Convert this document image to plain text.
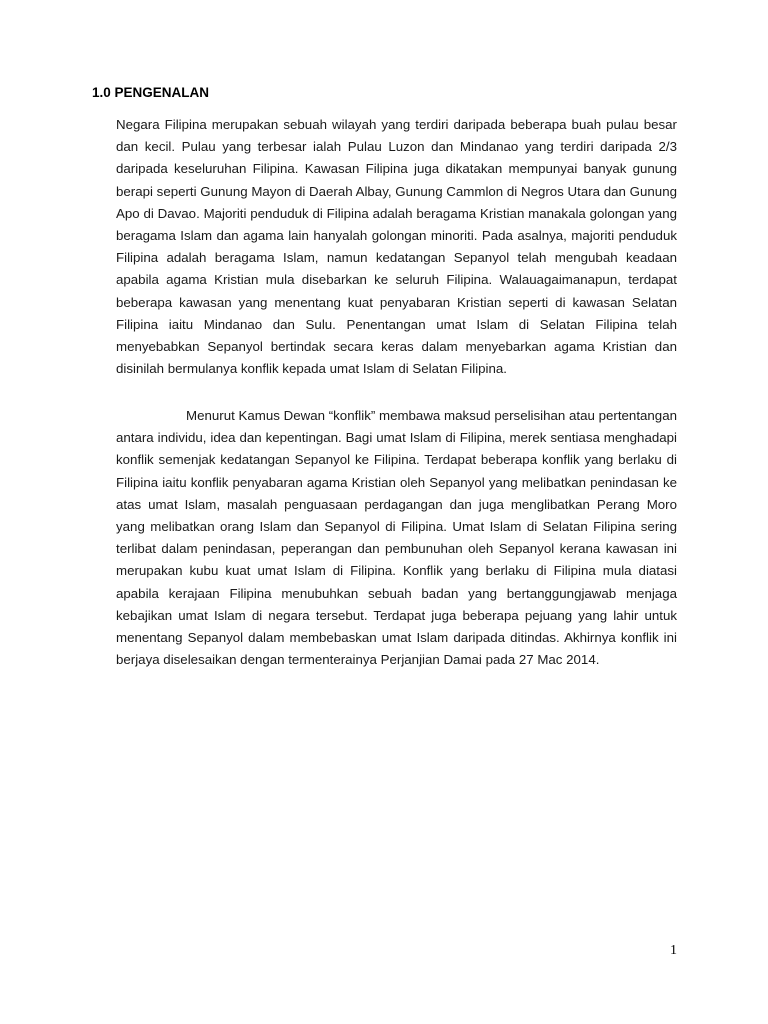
1.0 PENGENALAN

Negara Filipina merupakan sebuah wilayah yang terdiri daripada beberapa buah pulau besar dan kecil. Pulau yang terbesar ialah Pulau Luzon dan Mindanao yang terdiri daripada 2/3 daripada keseluruhan Filipina. Kawasan Filipina juga dikatakan mempunyai banyak gunung berapi seperti Gunung Mayon di Daerah Albay, Gunung Cammlon di Negros Utara dan Gunung Apo di Davao. Majoriti penduduk di Filipina adalah beragama Kristian manakala golongan yang beragama Islam dan agama lain hanyalah golongan minoriti. Pada asalnya, majoriti penduduk Filipina adalah beragama Islam, namun kedatangan Sepanyol telah mengubah keadaan apabila agama Kristian mula disebarkan ke seluruh Filipina. Walauagaimanapun, terdapat beberapa kawasan yang menentang kuat penyabaran Kristian seperti di kawasan Selatan Filipina iaitu Mindanao dan Sulu. Penentangan umat Islam di Selatan Filipina telah menyebabkan Sepanyol bertindak secara keras dalam menyebarkan agama Kristian dan disinilah bermulanya konflik kepada umat Islam di Selatan Filipina.

Menurut Kamus Dewan “konflik” membawa maksud perselisihan atau pertentangan antara individu, idea dan kepentingan. Bagi umat Islam di Filipina, merek sentiasa menghadapi konflik semenjak kedatangan Sepanyol ke Filipina. Terdapat beberapa konflik yang berlaku di Filipina iaitu konflik penyabaran agama Kristian oleh Sepanyol yang melibatkan penindasan ke atas umat Islam, masalah penguasaan perdagangan dan juga menglibatkan Perang Moro yang melibatkan orang Islam dan Sepanyol di Filipina. Umat Islam di Selatan Filipina sering terlibat dalam penindasan, peperangan dan pembunuhan oleh Sepanyol kerana kawasan ini merupakan kubu kuat umat Islam di Filipina. Konflik yang berlaku di Filipina mula diatasi apabila kerajaan Filipina menubuhkan sebuah badan yang bertanggungjawab menjaga kebajikan umat Islam di negara tersebut. Terdapat juga beberapa pejuang yang lahir untuk menentang Sepanyol dalam membebaskan umat Islam daripada ditindas. Akhirnya konflik ini berjaya diselesaikan dengan termenterainya Perjanjian Damai pada 27 Mac 2014.

1
